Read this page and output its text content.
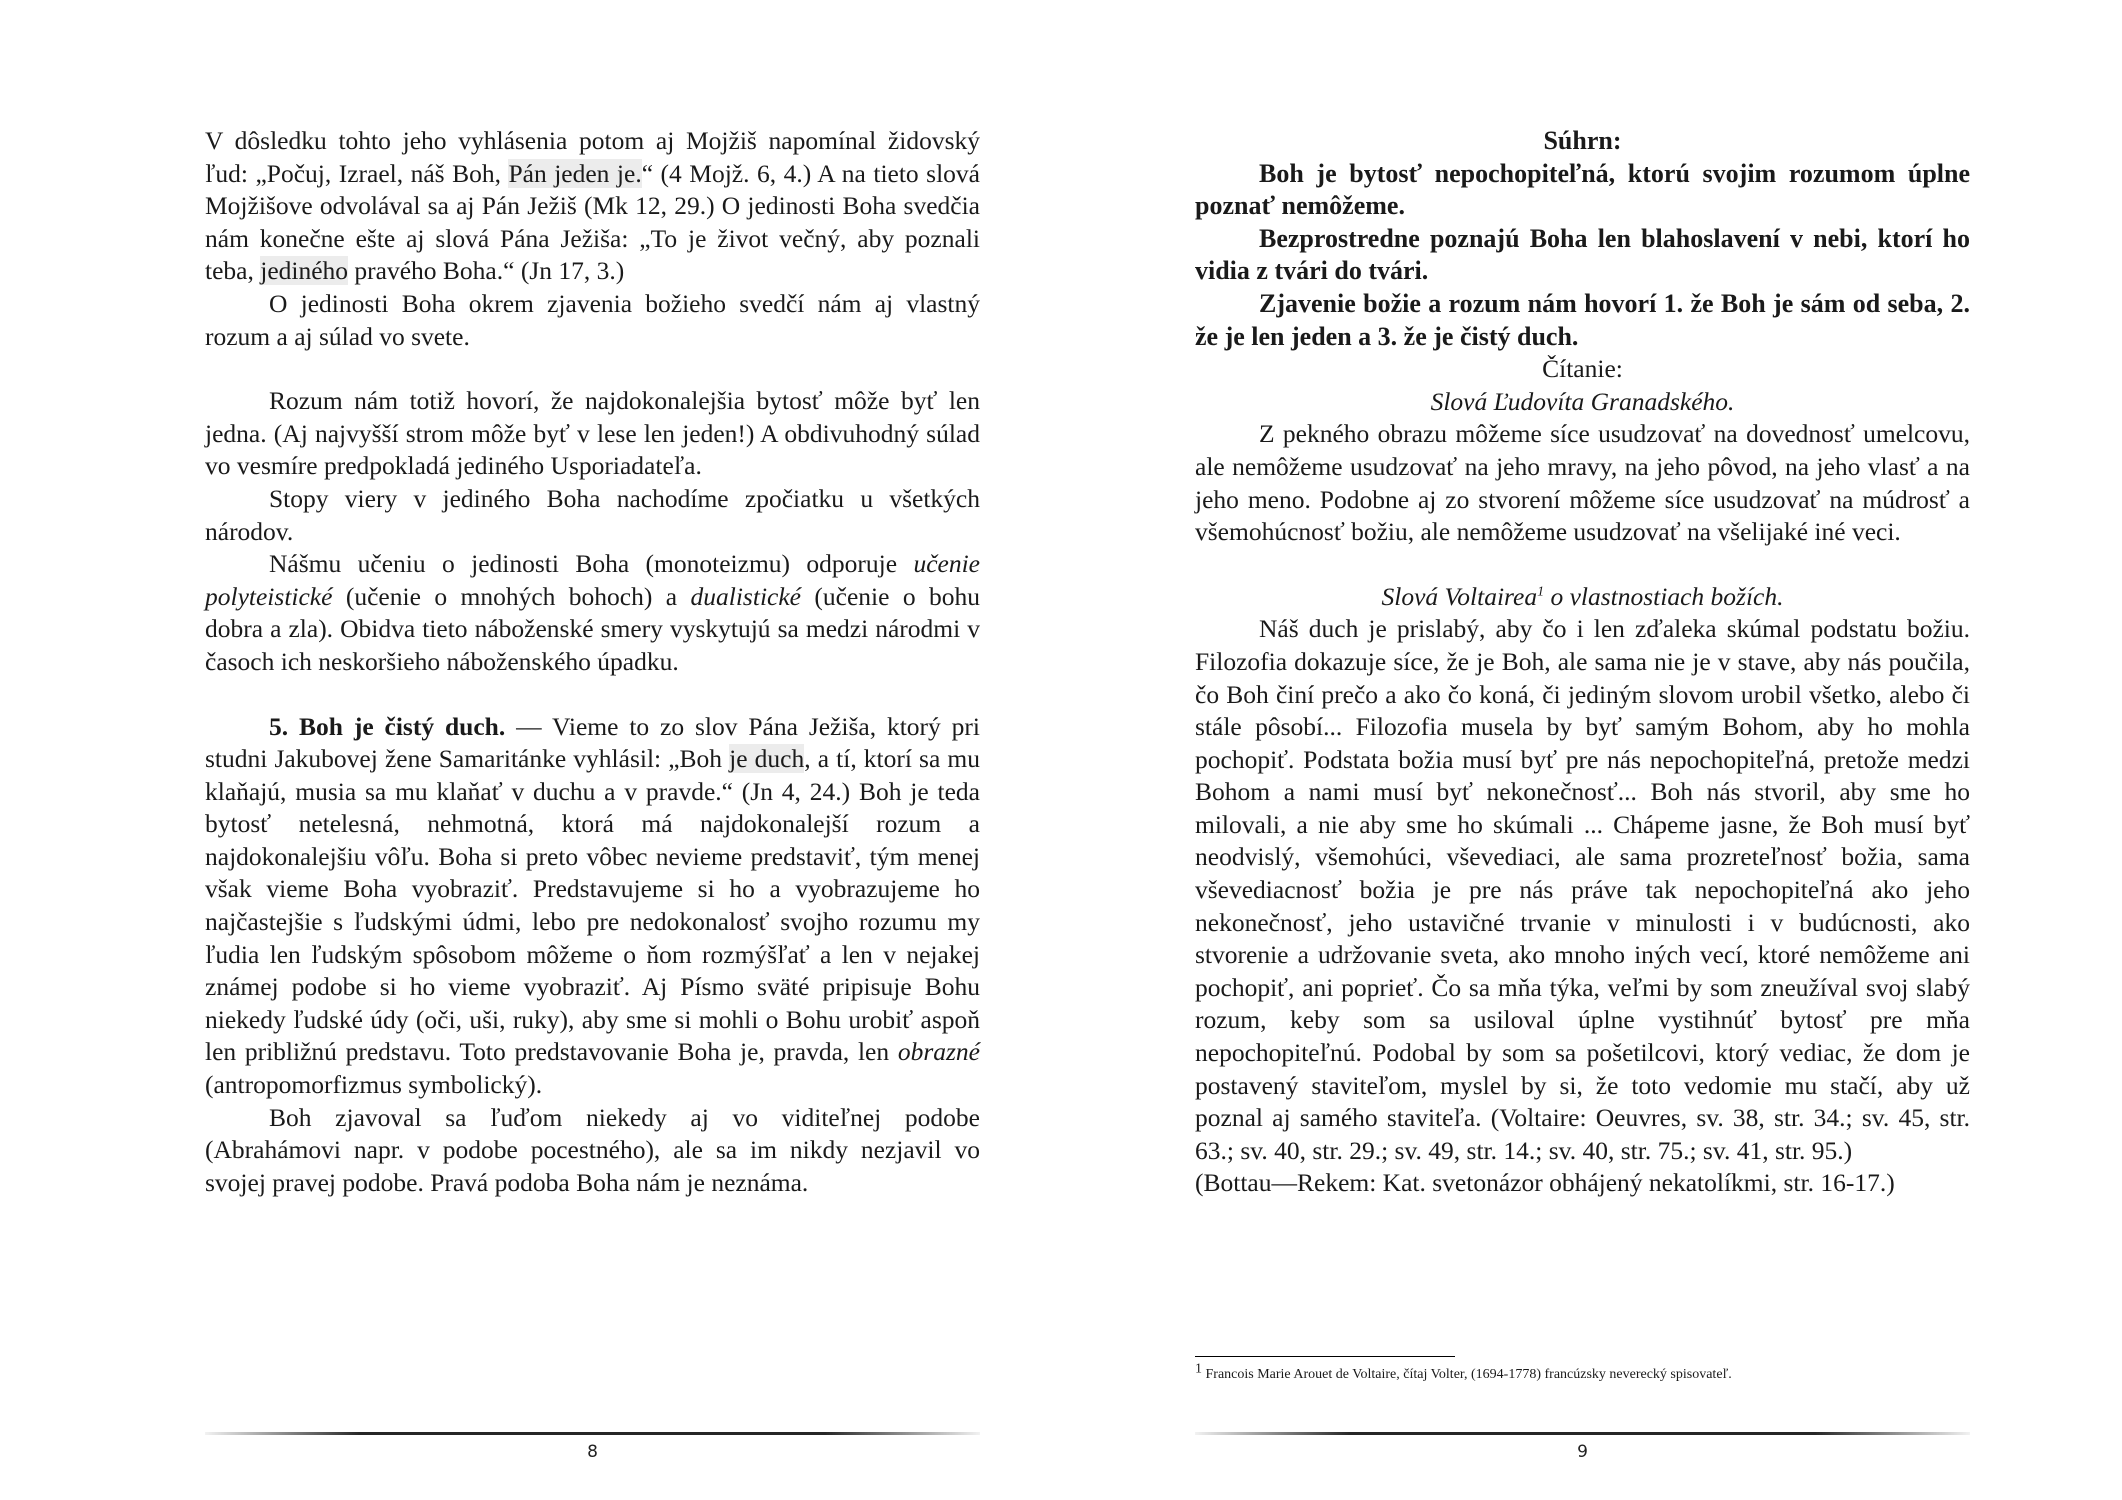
V dôsledku tohto jeho vyhlásenia potom aj Mojžiš napomínal židovský ľud: „Počuj, Izrael, náš Boh, Pán jeden je.“ (4 Mojž. 6, 4.) A na tieto slová Mojžišove odvolával sa aj Pán Ježiš (Mk 12, 29.) O jedinosti Boha svedčia nám konečne ešte aj slová Pána Ježiša: „To je život večný, aby poznali teba, jediného pravého Boha.“ (Jn 17, 3.)

O jedinosti Boha okrem zjavenia božieho svedčí nám aj vlastný rozum a aj súlad vo svete.

Rozum nám totiž hovorí, že najdokonalejšia bytosť môže byť len jedna. (Aj najvyšší strom môže byť v lese len jeden!) A obdivuhodný súlad vo vesmíre predpokladá jediného Usporiadateľa.

Stopy viery v jediného Boha nachodíme zpočiatku u všetkých národov.

Nášmu učeniu o jedinosti Boha (monoteizmu) odporuje učenie polyteistické (učenie o mnohých bohoch) a dualistické (učenie o bohu dobra a zla). Obidva tieto náboženské smery vyskytujú sa medzi národmi v časoch ich neskoršieho náboženského úpadku.

5. Boh je čistý duch. — Vieme to zo slov Pána Ježiša, ktorý pri studni Jakubovej žene Samaritánke vyhlásil: „Boh je duch, a tí, ktorí sa mu klaňajú, musia sa mu klaňať v duchu a v pravde.“ (Jn 4, 24.) Boh je teda bytosť netelesná, nehmotná, ktorá má najdokonalejší rozum a najdokonalejšiu vôľu. Boha si preto vôbec nevieme predstaviť, tým menej však vieme Boha vyobraziť. Predstavujeme si ho a vyobrazujeme ho najčastejšie s ľudskými údmi, lebo pre nedokonalosť svojho rozumu my ľudia len ľudským spôsobom môžeme o ňom rozmýšľať a len v nejakej známej podobe si ho vieme vyobraziť. Aj Písmo sväté pripisuje Bohu niekedy ľudské údy (oči, uši, ruky), aby sme si mohli o Bohu urobiť aspoň len približnú predstavu. Toto predstavovanie Boha je, pravda, len obrazné (antropomorfizmus symbolický).

Boh zjavoval sa ľuďom niekedy aj vo viditeľnej podobe (Abrahámovi napr. v podobe pocestného), ale sa im nikdy nezjavil vo svojej pravej podobe. Pravá podoba Boha nám je neznáma.

8

Súhrn:

Boh je bytosť nepochopiteľná, ktorú svojim rozumom úplne poznať nemôžeme.

Bezprostredne poznajú Boha len blahoslavení v nebi, ktorí ho vidia z tvári do tvári.

Zjavenie božie a rozum nám hovorí 1. že Boh je sám od seba, 2. že je len jeden a 3. že je čistý duch.

Čítanie:

Slová Ľudovíta Granadského.

Z pekného obrazu môžeme síce usudzovať na dovednosť umelcovu, ale nemôžeme usudzovať na jeho mravy, na jeho pôvod, na jeho vlasť a na jeho meno. Podobne aj zo stvorení môžeme síce usudzovať na múdrosť a všemohúcnosť božiu, ale nemôžeme usudzovať na všelijaké iné veci.

Slová Voltairea$^1$ o vlastnostiach božích.

Náš duch je prislabý, aby čo i len zďaleka skúmal podstatu božiu. Filozofia dokazuje síce, že je Boh, ale sama nie je v stave, aby nás poučila, čo Boh činí prečo a ako čo koná, či jediným slovom urobil všetko, alebo či stále pôsobí... Filozofia musela by byť samým Bohom, aby ho mohla pochopiť. Podstata božia musí byť pre nás nepochopiteľná, pretože medzi Bohom a nami musí byť nekonečnosť... Boh nás stvoril, aby sme ho milovali, a nie aby sme ho skúmali ... Chápeme jasne, že Boh musí byť neodvislý, všemohúci, vševediaci, ale sama prozreteľnosť božia, sama vševediacnosť božia je pre nás práve tak nepochopiteľná ako jeho nekonečnosť, jeho ustavičné trvanie v minulosti i v budúcnosti, ako stvorenie a udržovanie sveta, ako mnoho iných vecí, ktoré nemôžeme ani pochopiť, ani poprieť. Čo sa mňa týka, veľmi by som zneužíval svoj slabý rozum, keby som sa usiloval úplne vystihnúť bytosť pre mňa nepochopiteľnú. Podobal by som sa pošetilcovi, ktorý vediac, že dom je postavený staviteľom, myslel by si, že toto vedomie mu stačí, aby už poznal aj samého staviteľa. (Voltaire: Oeuvres, sv. 38, str. 34.; sv. 45, str. 63.; sv. 40, str. 29.; sv. 49, str. 14.; sv. 40, str. 75.; sv. 41, str. 95.)

(Bottau—Rekem: Kat. svetonázor obhájený nekatolíkmi, str. 16-17.)

$^1$ Francois Marie Arouet de Voltaire, čítaj Volter, (1694-1778) francúzsky neverecký spisovateľ.
9
